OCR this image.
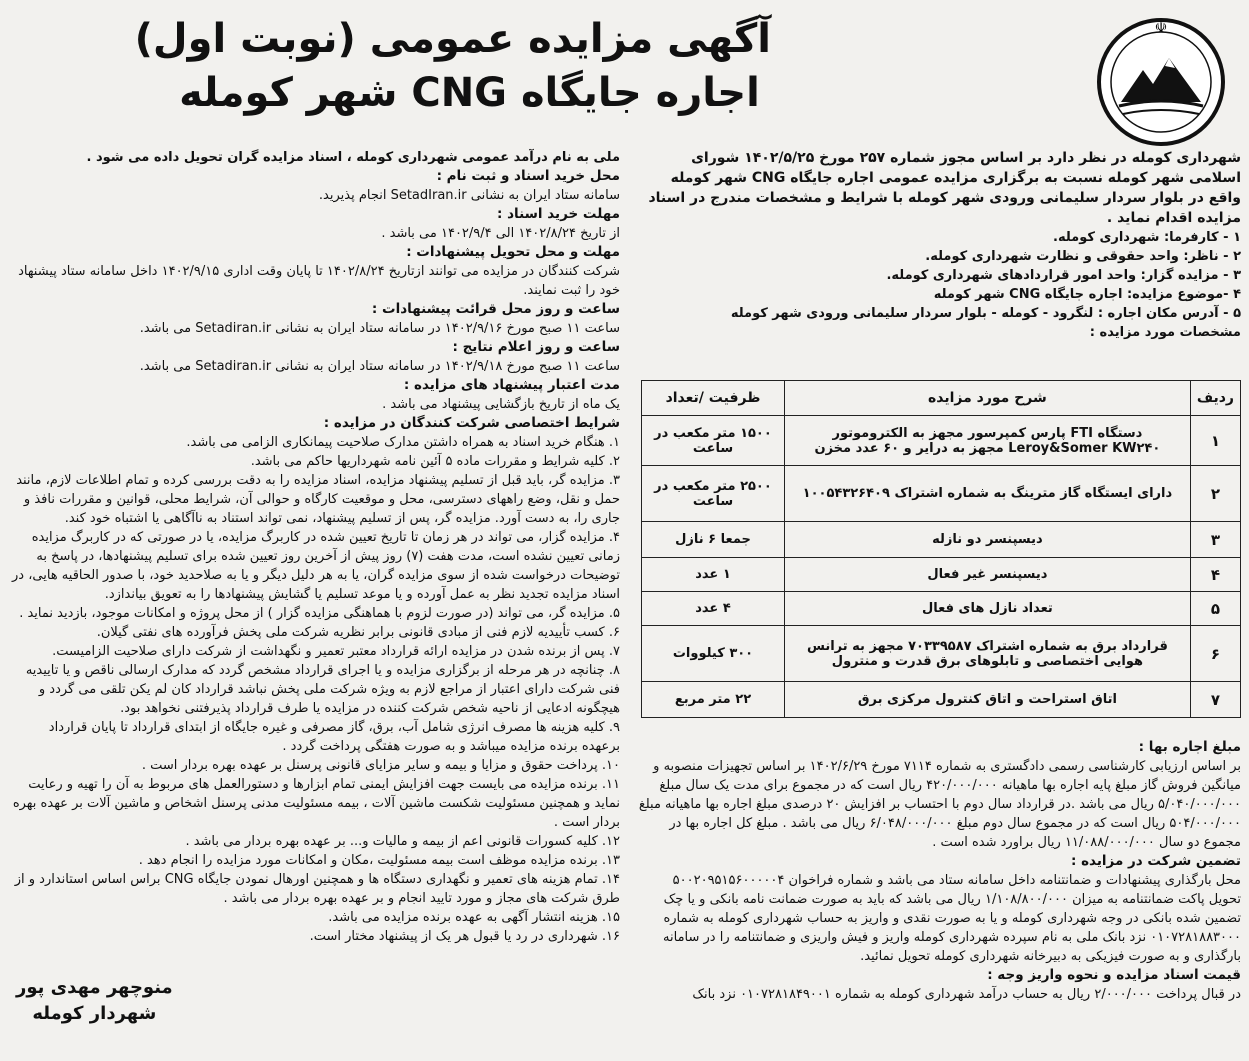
☫
آگهی مزایده عمومی (نوبت اول)
اجاره جایگاه CNG شهر کومله

شهرداری کومله در نظر دارد بر اساس مجوز شماره ۲۵۷ مورخ ۱۴۰۲/۵/۲۵ شورای اسلامی شهر کومله نسبت به برگزاری مزایده عمومی اجاره جایگاه CNG شهر کومله واقع در بلوار سردار سلیمانی ورودی شهر کومله با شرایط و مشخصات مندرج در اسناد مزایده اقدام نماید .

۱ - کارفرما: شهرداری کومله.

۲ - ناظر: واحد حقوقی و نظارت شهرداری کومله.

۳ - مزایده گزار: واحد امور قراردادهای شهرداری کومله.

۴ -موضوع مزایده: اجاره جایگاه CNG شهر کومله

۵ - آدرس مکان اجاره : لنگرود - کومله - بلوار سردار سلیمانی ورودی شهر کومله

مشخصات مورد مزایده :

ردیف	شرح مورد مزایده	ظرفیت /تعداد
۱	دستگاه FTI پارس کمپرسور مجهز به الکتروموتور Leroy&Somer KW۲۴۰ مجهز به درایر و ۶۰ عدد مخزن	۱۵۰۰ متر مکعب در ساعت
۲	دارای ایستگاه گاز مترینگ به شماره اشتراک ۱۰۰۵۴۳۲۶۴۰۹	۲۵۰۰ متر مکعب در ساعت
۳	دیسپنسر دو نازله	جمعا ۶ نازل
۴	دیسپنسر غیر فعال	۱ عدد
۵	تعداد نازل های فعال	۴ عدد
۶	قرارداد برق به شماره اشتراک ۷۰۳۳۹۵۸۷ مجهز به ترانس هوایی اختصاصی و تابلوهای برق قدرت و منترول	۳۰۰ کیلووات
۷	اتاق استراحت و اتاق کنترول مرکزی برق	۲۲ متر مربع

مبلغ اجاره بها :

بر اساس ارزیابی کارشناسی رسمی دادگستری به شماره ۷۱۱۴ مورخ ۱۴۰۲/۶/۲۹ بر اساس تجهیزات منصوبه و میانگین فروش گاز مبلغ پایه اجاره بها ماهیانه ۴۲۰/۰۰۰/۰۰۰ ریال است که در مجموع برای مدت یک سال مبلغ ۵/۰۴۰/۰۰۰/۰۰۰ ریال می باشد .در قرارداد سال دوم با احتساب بر افزایش ۲۰ درصدی مبلغ اجاره بها ماهیانه مبلغ ۵۰۴/۰۰۰/۰۰۰ ریال است که در مجموع سال دوم مبلغ ۶/۰۴۸/۰۰۰/۰۰۰ ریال می باشد . مبلغ کل اجاره بها در مجموع دو سال ۱۱/۰۸۸/۰۰۰/۰۰۰ ریال براورد شده است .

تضمین شرکت در مزایده :

محل بارگذاری پیشنهادات و ضمانتنامه داخل سامانه ستاد می باشد و شماره فراخوان ۵۰۰۲۰۹۵۱۵۶۰۰۰۰۰۴ تحویل پاکت ضمانتنامه به میزان ۱/۱۰۸/۸۰۰/۰۰۰ ریال می باشد که باید به صورت ضمانت نامه بانکی و یا چک تضمین شده بانکی در وجه شهرداری کومله و یا به صورت نقدی و واریز به حساب شهرداری کومله به شماره ۰۱۰۷۲۸۱۸۸۳۰۰۰ نزد بانک ملی به نام سپرده شهرداری کومله واریز و فیش واریزی و ضمانتنامه را در سامانه بارگذاری و به صورت فیزیکی به دبیرخانه شهرداری کومله تحویل نمائید.

قیمت اسناد مزایده و نحوه واریز وجه :

در قبال پرداخت ۲/۰۰۰/۰۰۰ ریال به حساب درآمد شهرداری کومله به شماره ۰۱۰۷۲۸۱۸۴۹۰۰۱ نزد بانک

ملی به نام درآمد عمومی شهرداری کومله ، اسناد مزایده گران تحویل داده می شود .

محل خرید اسناد و ثبت نام :

سامانه ستاد ایران به نشانی SetadIran.ir انجام پذیرید.

مهلت خرید اسناد :

از تاریخ ۱۴۰۲/۸/۲۴ الی ۱۴۰۲/۹/۴ می باشد .

مهلت و محل تحویل پیشنهادات :

شرکت کنندگان در مزایده می توانند ازتاریخ ۱۴۰۲/۸/۲۴ تا پایان وقت اداری ۱۴۰۲/۹/۱۵ داخل سامانه ستاد پیشنهاد خود را ثبت نمایند.

ساعت و روز محل قرائت پیشنهادات :

ساعت ۱۱ صبح مورخ ۱۴۰۲/۹/۱۶ در سامانه ستاد ایران به نشانی Setadiran.ir می باشد.

ساعت و روز اعلام نتایج :

ساعت ۱۱ صبح مورخ ۱۴۰۲/۹/۱۸ در سامانه ستاد ایران به نشانی Setadiran.ir می باشد.

مدت اعتبار پیشنهاد های مزایده :

یک ماه از تاریخ بازگشایی پیشنهاد می باشد .

شرایط اختصاصی شرکت کنندگان در مزایده :

۱. هنگام خرید اسناد به همراه داشتن مدارک صلاحیت پیمانکاری الزامی می باشد.

۲. کلیه شرایط و مقررات ماده ۵ آئین نامه شهرداریها حاکم می باشد.

۳. مزایده گر، باید قبل از تسلیم پیشنهاد مزایده، اسناد مزایده را به دقت بررسی کرده و تمام اطلاعات لازم، مانند حمل و نقل، وضع راههای دسترسی، محل و موقعیت کارگاه و حوالی آن، شرایط محلی، قوانین و مقررات نافذ و جاری را، به دست آورد. مزایده گر، پس از تسلیم پیشنهاد، نمی تواند استناد به ناآگاهی یا اشتباه خود کند.

۴. مزایده گزار، می تواند در هر زمان تا تاریخ تعیین شده در کاربرگ مزایده، یا در صورتی که در کاربرگ مزایده زمانی تعیین نشده است، مدت هفت (۷) روز پیش از آخرین روز تعیین شده برای تسلیم پیشنهادها، در پاسخ به توضیحات درخواست شده از سوی مزایده گران، یا به هر دلیل دیگر و یا به صلاحدید خود، با صدور الحاقیه هایی، در اسناد مزایده تجدید نظر به عمل آورده و یا موعد تسلیم یا گشایش پیشنهادها را به تعویق بیاندازد.

۵. مزایده گر، می تواند (در صورت لزوم با هماهنگی مزایده گزار ) از محل پروژه و امکانات موجود، بازدید نماید .

۶. کسب تأییدیه لازم فنی از مبادی قانونی برابر نظریه شرکت ملی پخش فرآورده های نفتی گیلان.

۷. پس از برنده شدن در مزایده ارائه قرارداد معتبر تعمیر و نگهداشت از شرکت دارای صلاحیت الزامیست.

۸. چنانچه در هر مرحله از برگزاری مزایده و یا اجرای قرارداد مشخص گردد که مدارک ارسالی ناقص و یا تاییدیه فنی شرکت دارای اعتبار از مراجع لازم به ویژه شرکت ملی پخش نباشد قرارداد کان لم یکن تلقی می گردد و هیچگونه ادعایی از ناحیه شخص شرکت کننده در مزایده یا طرف قرارداد پذیرفتنی نخواهد بود.

۹. کلیه هزینه ها مصرف انرژی شامل آب، برق، گاز مصرفی و غیره جایگاه از ابتدای قرارداد تا پایان قرارداد برعهده برنده مزایده میباشد و به صورت هفتگی پرداخت گردد .

۱۰. پرداخت حقوق و مزایا و بیمه و سایر مزایای قانونی پرسنل بر عهده بهره بردار است .

۱۱. برنده مزایده می بایست جهت افزایش ایمنی تمام ابزارها و دستورالعمل های مربوط به آن را تهیه و رعایت نماید و همچنین مسئولیت شکست ماشین آلات ، بیمه مسئولیت مدنی پرسنل اشخاص و ماشین آلات بر عهده بهره بردار است .

۱۲. کلیه کسورات قانونی اعم از بیمه و مالیات و... بر عهده بهره بردار می باشد .

۱۳. برنده مزایده موظف است بیمه مسئولیت ،مکان و امکانات مورد مزایده را انجام دهد .

۱۴. تمام هزینه های تعمیر و نگهداری دستگاه ها و همچنین اورهال نمودن جایگاه CNG براس اساس استاندارد و از طرق شرکت های مجاز و مورد تایید انجام و بر عهده بهره بردار می باشد .

۱۵. هزینه انتشار آگهی به عهده برنده مزایده می باشد.

۱۶. شهرداری در رد یا قبول هر یک از پیشنهاد مختار است.

منوچهر مهدی پور
شهردار کومله
